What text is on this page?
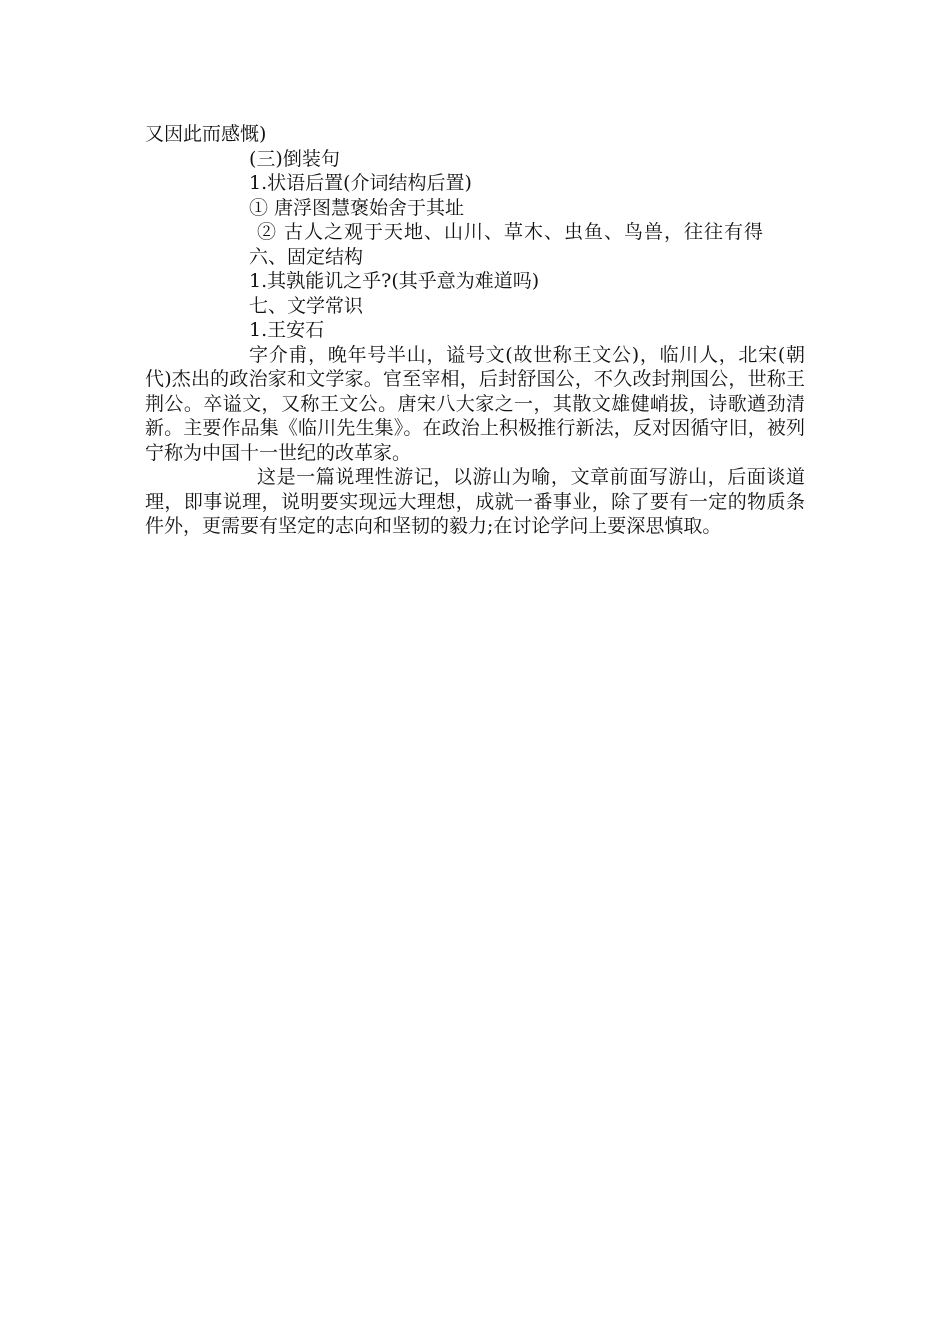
又因此而感慨)
(三)倒装句
1.状语后置(介词结构后置)
① 唐浮图慧褒始舍于其址
② 古人之观于天地、山川、草木、虫鱼、鸟兽，往往有得
六、固定结构
1.其孰能讥之乎?(其乎意为难道吗)
七、文学常识
1.王安石

字介甫，晚年号半山，谥号文(故世称王文公)，临川人，北宋(朝代)杰出的政治家和文学家。官至宰相，后封舒国公，不久改封荆国公，世称王荆公。卒谥文，又称王文公。唐宋八大家之一，其散文雄健峭拔，诗歌遒劲清新。主要作品集《临川先生集》。在政治上积极推行新法，反对因循守旧，被列宁称为中国十一世纪的改革家。

这是一篇说理性游记，以游山为喻，文章前面写游山，后面谈道理，即事说理，说明要实现远大理想，成就一番事业，除了要有一定的物质条件外，更需要有坚定的志向和坚韧的毅力;在讨论学问上要深思慎取。
